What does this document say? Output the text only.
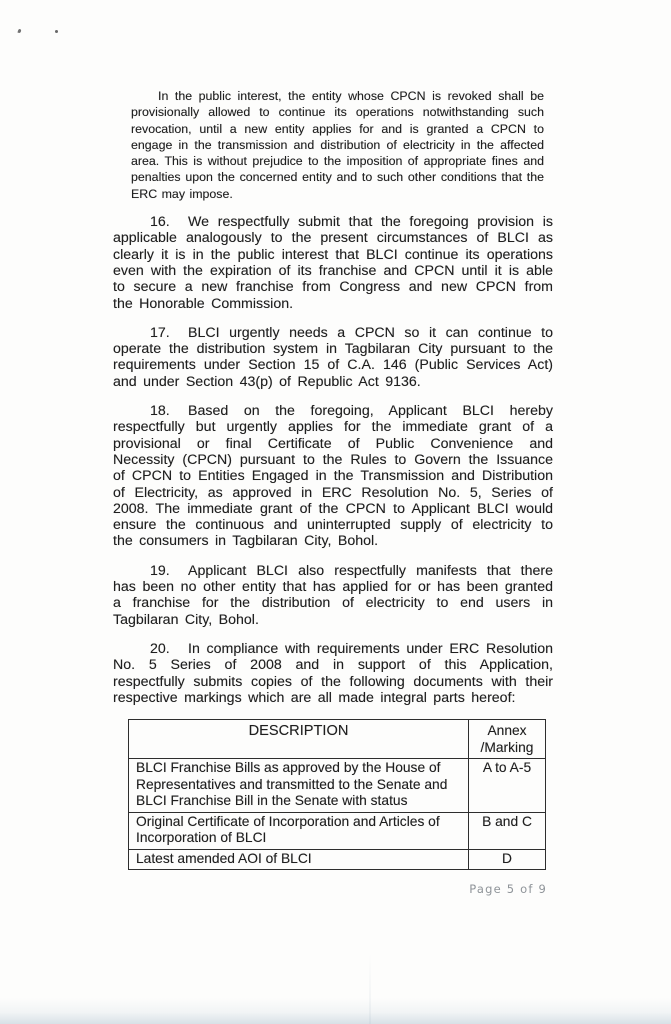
In the public interest, the entity whose CPCN is revoked shall be provisionally allowed to continue its operations notwithstanding such revocation, until a new entity applies for and is granted a CPCN to engage in the transmission and distribution of electricity in the affected area. This is without prejudice to the imposition of appropriate fines and penalties upon the concerned entity and to such other conditions that the ERC may impose.

16. We respectfully submit that the foregoing provision is applicable analogously to the present circumstances of BLCI as clearly it is in the public interest that BLCI continue its operations even with the expiration of its franchise and CPCN until it is able to secure a new franchise from Congress and new CPCN from the Honorable Commission.

17. BLCI urgently needs a CPCN so it can continue to operate the distribution system in Tagbilaran City pursuant to the requirements under Section 15 of C.A. 146 (Public Services Act) and under Section 43(p) of Republic Act 9136.

18. Based on the foregoing, Applicant BLCI hereby respectfully but urgently applies for the immediate grant of a provisional or final Certificate of Public Convenience and Necessity (CPCN) pursuant to the Rules to Govern the Issuance of CPCN to Entities Engaged in the Transmission and Distribution of Electricity, as approved in ERC Resolution No. 5, Series of 2008. The immediate grant of the CPCN to Applicant BLCI would ensure the continuous and uninterrupted supply of electricity to the consumers in Tagbilaran City, Bohol.

19. Applicant BLCI also respectfully manifests that there has been no other entity that has applied for or has been granted a franchise for the distribution of electricity to end users in Tagbilaran City, Bohol.

20. In compliance with requirements under ERC Resolution No. 5 Series of 2008 and in support of this Application, respectfully submits copies of the following documents with their respective markings which are all made integral parts hereof:

DESCRIPTION	Annex /Marking
BLCI Franchise Bills as approved by the House of Representatives and transmitted to the Senate and BLCI Franchise Bill in the Senate with status	A to A-5
Original Certificate of Incorporation and Articles of Incorporation of BLCI	B and C
Latest amended AOI of BLCI	D
Page 5 of 9
